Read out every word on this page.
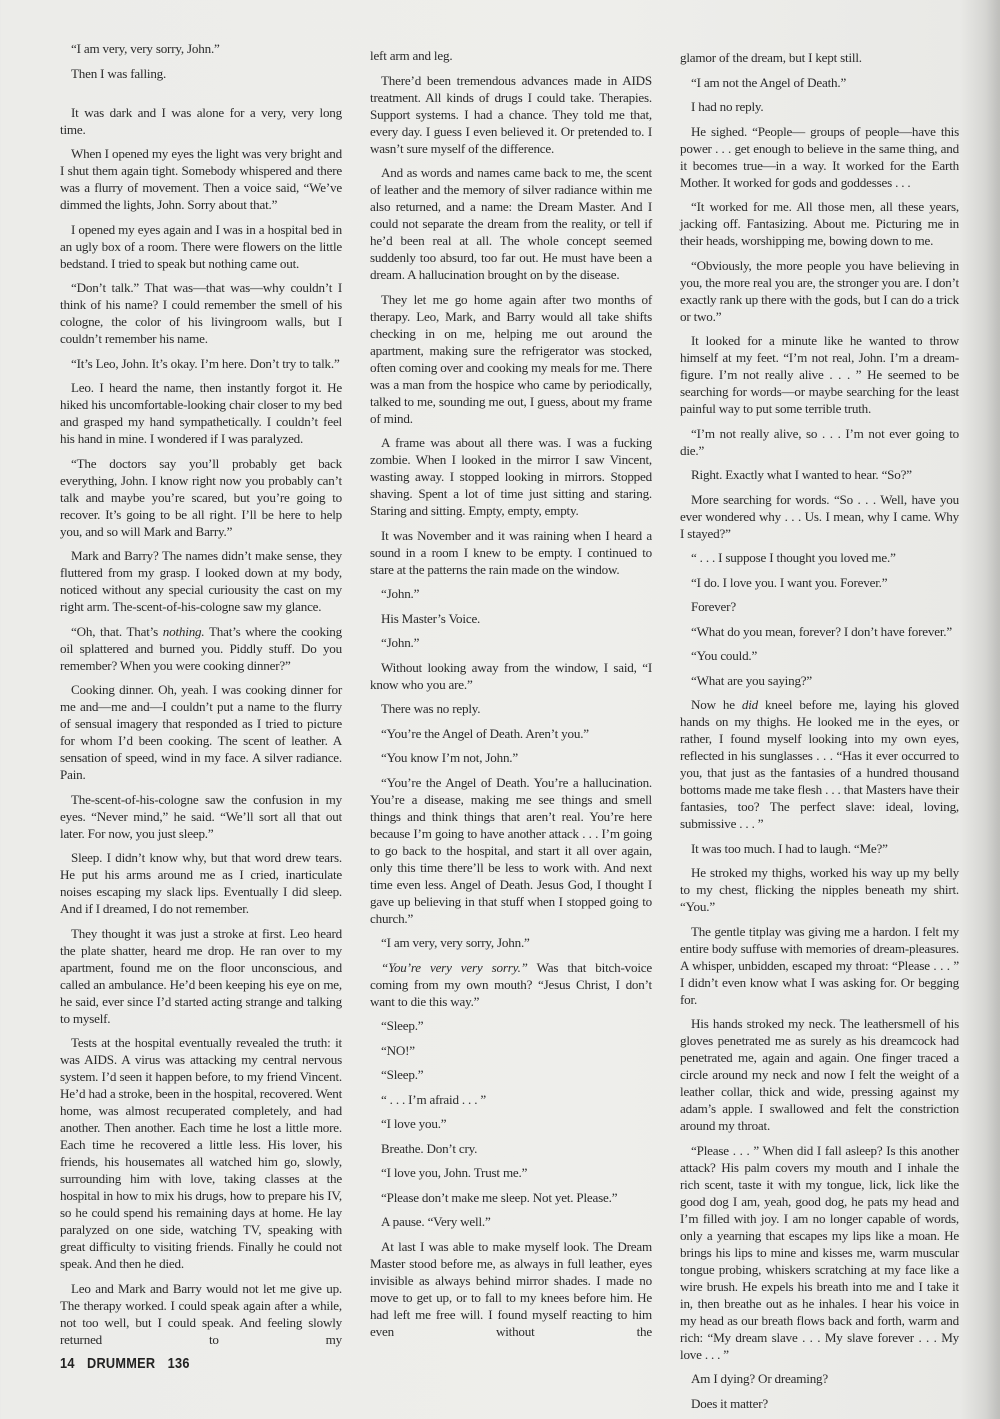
“I am very, very sorry, John.”

Then I was falling.

It was dark and I was alone for a very, very long time.

When I opened my eyes the light was very bright and I shut them again tight. Somebody whispered and there was a flurry of movement. Then a voice said, “We’ve dimmed the lights, John. Sorry about that.”

I opened my eyes again and I was in a hospital bed in an ugly box of a room. There were flowers on the little bedstand. I tried to speak but nothing came out.

“Don’t talk.” That was—that was—why couldn’t I think of his name? I could remember the smell of his cologne, the color of his livingroom walls, but I couldn’t remember his name.

“It’s Leo, John. It’s okay. I’m here. Don’t try to talk.”

Leo. I heard the name, then instantly forgot it. He hiked his uncomfortable-looking chair closer to my bed and grasped my hand sympathetically. I couldn’t feel his hand in mine. I wondered if I was paralyzed.

“The doctors say you’ll probably get back everything, John. I know right now you probably can’t talk and maybe you’re scared, but you’re going to recover. It’s going to be all right. I’ll be here to help you, and so will Mark and Barry.”

Mark and Barry? The names didn’t make sense, they fluttered from my grasp. I looked down at my body, noticed without any special curiousity the cast on my right arm. The-scent-of-his-cologne saw my glance.

“Oh, that. That’s nothing. That’s where the cooking oil splattered and burned you. Piddly stuff. Do you remember? When you were cooking dinner?”

Cooking dinner. Oh, yeah. I was cooking dinner for me and—me and—I couldn’t put a name to the flurry of sensual imagery that responded as I tried to picture for whom I’d been cooking. The scent of leather. A sensation of speed, wind in my face. A silver radiance. Pain.

The-scent-of-his-cologne saw the confusion in my eyes. “Never mind,” he said. “We’ll sort all that out later. For now, you just sleep.”

Sleep. I didn’t know why, but that word drew tears. He put his arms around me as I cried, inarticulate noises escaping my slack lips. Eventually I did sleep. And if I dreamed, I do not remember.

They thought it was just a stroke at first. Leo heard the plate shatter, heard me drop. He ran over to my apartment, found me on the floor unconscious, and called an ambulance. He’d been keeping his eye on me, he said, ever since I’d started acting strange and talking to myself.

Tests at the hospital eventually revealed the truth: it was AIDS. A virus was attacking my central nervous system. I’d seen it happen before, to my friend Vincent. He’d had a stroke, been in the hospital, recovered. Went home, was almost recuperated completely, and had another. Then another. Each time he lost a little more. Each time he recovered a little less. His lover, his friends, his housemates all watched him go, slowly, surrounding him with love, taking classes at the hospital in how to mix his drugs, how to prepare his IV, so he could spend his remaining days at home. He lay paralyzed on one side, watching TV, speaking with great difficulty to visiting friends. Finally he could not speak. And then he died.

Leo and Mark and Barry would not let me give up. The therapy worked. I could speak again after a while, not too well, but I could speak. And feeling slowly returned to my

14 DRUMMER 136

left arm and leg.

There’d been tremendous advances made in AIDS treatment. All kinds of drugs I could take. Therapies. Support systems. I had a chance. They told me that, every day. I guess I even believed it. Or pretended to. I wasn’t sure myself of the difference.

And as words and names came back to me, the scent of leather and the memory of silver radiance within me also returned, and a name: the Dream Master. And I could not separate the dream from the reality, or tell if he’d been real at all. The whole concept seemed suddenly too absurd, too far out. He must have been a dream. A hallucination brought on by the disease.

They let me go home again after two months of therapy. Leo, Mark, and Barry would all take shifts checking in on me, helping me out around the apartment, making sure the refrigerator was stocked, often coming over and cooking my meals for me. There was a man from the hospice who came by periodically, talked to me, sounding me out, I guess, about my frame of mind.

A frame was about all there was. I was a fucking zombie. When I looked in the mirror I saw Vincent, wasting away. I stopped looking in mirrors. Stopped shaving. Spent a lot of time just sitting and staring. Staring and sitting. Empty, empty, empty.

It was November and it was raining when I heard a sound in a room I knew to be empty. I continued to stare at the patterns the rain made on the window.

“John.”

His Master’s Voice.

“John.”

Without looking away from the window, I said, “I know who you are.”

There was no reply.

“You’re the Angel of Death. Aren’t you.”

“You know I’m not, John.”

“You’re the Angel of Death. You’re a hallucination. You’re a disease, making me see things and smell things and think things that aren’t real. You’re here because I’m going to have another attack . . . I’m going to go back to the hospital, and start it all over again, only this time there’ll be less to work with. And next time even less. Angel of Death. Jesus God, I thought I gave up believing in that stuff when I stopped going to church.”

“I am very, very sorry, John.”

“You’re very very sorry.” Was that bitch-voice coming from my own mouth? “Jesus Christ, I don’t want to die this way.”

“Sleep.”

“NO!”

“Sleep.”

“ . . . I’m afraid . . . ”

“I love you.”

Breathe. Don’t cry.

“I love you, John. Trust me.”

“Please don’t make me sleep. Not yet. Please.”

A pause. “Very well.”

At last I was able to make myself look. The Dream Master stood before me, as always in full leather, eyes invisible as always behind mirror shades. I made no move to get up, or to fall to my knees before him. He had left me free will. I found myself reacting to him even without the

glamor of the dream, but I kept still.

“I am not the Angel of Death.”

I had no reply.

He sighed. “People— groups of people—have this power . . . get enough to believe in the same thing, and it becomes true—in a way. It worked for the Earth Mother. It worked for gods and goddesses . . .

“It worked for me. All those men, all these years, jacking off. Fantasizing. About me. Picturing me in their heads, worshipping me, bowing down to me.

“Obviously, the more people you have believing in you, the more real you are, the stronger you are. I don’t exactly rank up there with the gods, but I can do a trick or two.”

It looked for a minute like he wanted to throw himself at my feet. “I’m not real, John. I’m a dream-figure. I’m not really alive . . . ” He seemed to be searching for words—or maybe searching for the least painful way to put some terrible truth.

“I’m not really alive, so . . . I’m not ever going to die.”

Right. Exactly what I wanted to hear. “So?”

More searching for words. “So . . . Well, have you ever wondered why . . . Us. I mean, why I came. Why I stayed?”

“ . . . I suppose I thought you loved me.”

“I do. I love you. I want you. Forever.”

Forever?

“What do you mean, forever? I don’t have forever.”

“You could.”

“What are you saying?”

Now he did kneel before me, laying his gloved hands on my thighs. He looked me in the eyes, or rather, I found myself looking into my own eyes, reflected in his sunglasses . . . “Has it ever occurred to you, that just as the fantasies of a hundred thousand bottoms made me take flesh . . . that Masters have their fantasies, too? The perfect slave: ideal, loving, submissive . . . ”

It was too much. I had to laugh. “Me?”

He stroked my thighs, worked his way up my belly to my chest, flicking the nipples beneath my shirt. “You.”

The gentle titplay was giving me a hardon. I felt my entire body suffuse with memories of dream-pleasures. A whisper, unbidden, escaped my throat: “Please . . . ” I didn’t even know what I was asking for. Or begging for.

His hands stroked my neck. The leathersmell of his gloves penetrated me as surely as his dreamcock had penetrated me, again and again. One finger traced a circle around my neck and now I felt the weight of a leather collar, thick and wide, pressing against my adam’s apple. I swallowed and felt the constriction around my throat.

“Please . . . ” When did I fall asleep? Is this another attack? His palm covers my mouth and I inhale the rich scent, taste it with my tongue, lick, lick like the good dog I am, yeah, good dog, he pats my head and I’m filled with joy. I am no longer capable of words, only a yearning that escapes my lips like a moan. He brings his lips to mine and kisses me, warm muscular tongue probing, whiskers scratching at my face like a wire brush. He expels his breath into me and I take it in, then breathe out as he inhales. I hear his voice in my head as our breath flows back and forth, warm and rich: “My dream slave . . . My slave forever . . . My love . . . ”

Am I dying? Or dreaming?

Does it matter?
